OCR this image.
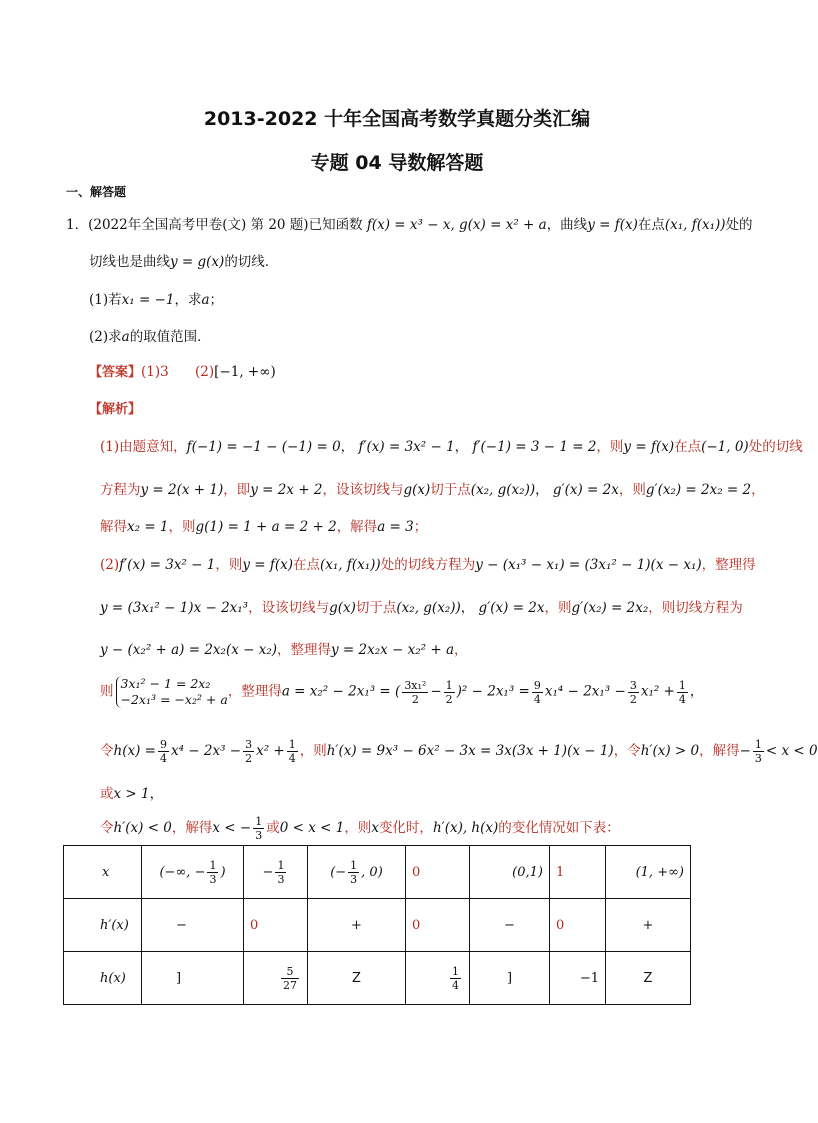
2013-2022 十年全国高考数学真题分类汇编
专题 04 导数解答题
一、解答题
1．(2022年全国高考甲卷(文) 第 20 题)已知函数 f(x) = x³ − x, g(x) = x² + a，曲线y = f(x)在点(x₁, f(x₁))处的
切线也是曲线y = g(x)的切线．
(1)若x₁ = −1，求a；
(2)求a的取值范围．
【答案】(1)3 (2)[−1, +∞)
【解析】
(1)由题意知，f(−1) = −1 − (−1) = 0， f′(x) = 3x² − 1， f′(−1) = 3 − 1 = 2，则y = f(x)在点(−1, 0)处的切线
方程为y = 2(x + 1)，即y = 2x + 2，设该切线与g(x)切于点(x₂, g(x₂))， g′(x) = 2x，则g′(x₂) = 2x₂ = 2，
解得x₂ = 1，则g(1) = 1 + a = 2 + 2，解得a = 3；
(2)f′(x) = 3x² − 1，则y = f(x)在点(x₁, f(x₁))处的切线方程为y − (x₁³ − x₁) = (3x₁² − 1)(x − x₁)，整理得
y = (3x₁² − 1)x − 2x₁³，设该切线与g(x)切于点(x₂, g(x₂))， g′(x) = 2x，则g′(x₂) = 2x₂，则切线方程为
y − (x₂² + a) = 2x₂(x − x₂)，整理得y = 2x₂x − x₂² + a，
则 3x₁² − 1 = 2x₂
−2x₁³ = −x₂² + a ，整理得a = x₂² − 2x₁³ = ( $\frac{\text{3x₁²}}{2} - \frac{1}{2} )^2 - 2x_1^3 = \frac{9}{4} x_1^4 - 2x_1^3 - \frac{3}{2} x_1^2 + \frac{1}{4}$ ，
令$h(x) = \frac{9}{4} x^4 - 2x^3 - \frac{3}{2} x^2 + \frac{1}{4}$ ，则h′(x) = 9x³ − 6x² − 3x = 3x(3x + 1)(x − 1)，令h′(x) > 0，解得− $\frac{1}{3} < x < 0$
或x > 1，
令h′(x) < 0，解得x < − $\frac{1}{3}$ 或0 < x < 1，则x变化时，h′(x), h(x)的变化情况如下表：
x	(−∞, − $\frac{1}{3}$ )	− $\frac{1}{3}$	(− $\frac{1}{3}$ , 0)	0	(0,1)	1	(1, +∞)
h′(x)	−	0	+	0	−	0	+
h(x)	]	$\frac{5}{27}$	Z	$\frac{1}{4}$	]	−1	Z
